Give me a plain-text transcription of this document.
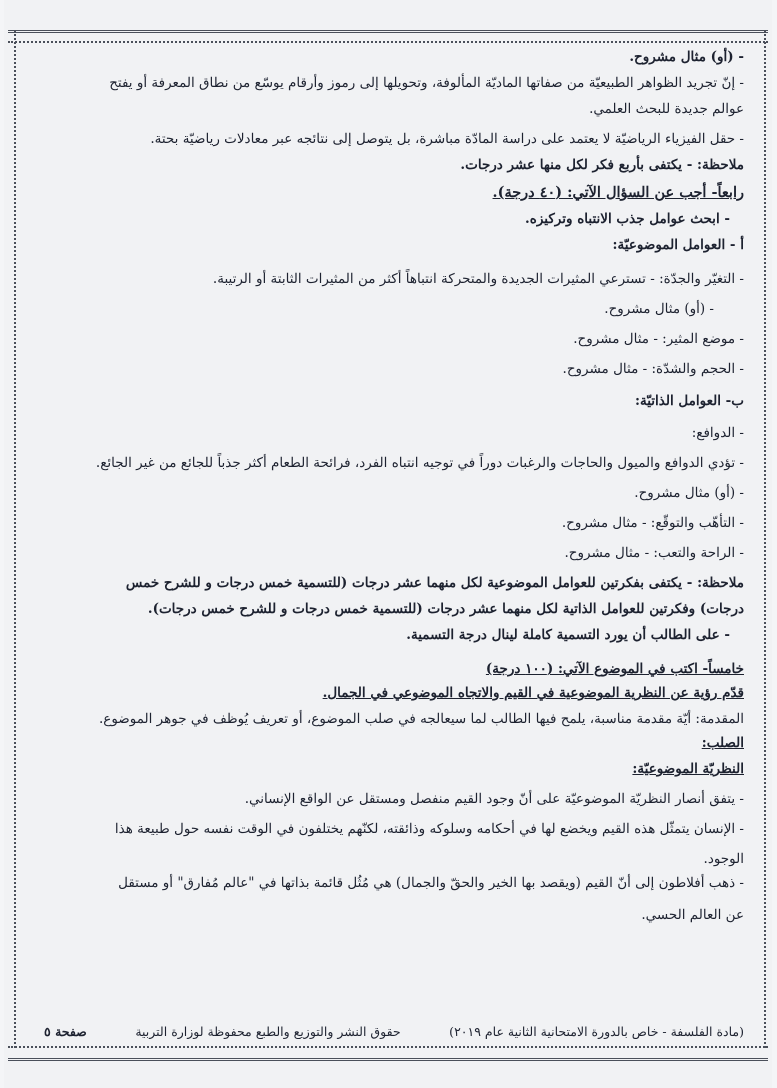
- (أو) مثال مشروح.
- إنّ تجريد الظواهر الطبيعيّة من صفاتها الماديّة المألوفة، وتحويلها إلى رموز وأرقام يوسّع من نطاق المعرفة أو يفتح
عوالم جديدة للبحث العلمي.
- حقل الفيزياء الرياضيّة لا يعتمد على دراسة المادّة مباشرة، بل يتوصل إلى نتائجه عبر معادلات رياضيّة بحتة.
ملاحظة: - يكتفى بأربع فكر لكل منها عشر درجات.
رابعاً- أجب عن السؤال الآتي: (٤٠ درجة).
- ابحث عوامل جذب الانتباه وتركيزه.
أ - العوامل الموضوعيّة:
- التغيّر والجدّة: - تسترعي المثيرات الجديدة والمتحركة انتباهاً أكثر من المثيرات الثابتة أو الرتيبة.
- (أو) مثال مشروح.
- موضع المثير: - مثال مشروح.
- الحجم والشدّة: - مثال مشروح.
ب- العوامل الذاتيّة:
- الدوافع:
- تؤدي الدوافع والميول والحاجات والرغبات دوراً في توجيه انتباه الفرد، فرائحة الطعام أكثر جذباً للجائع من غير الجائع.
- (أو) مثال مشروح.
- التأهّب والتوقّع: - مثال مشروح.
- الراحة والتعب: - مثال مشروح.
ملاحظة: - يكتفى بفكرتين للعوامل الموضوعية لكل منهما عشر درجات (للتسمية خمس درجات و للشرح خمس
درجات) وفكرتين للعوامل الذاتية لكل منهما عشر درجات (للتسمية خمس درجات و للشرح خمس درجات).
- على الطالب أن يورد التسمية كاملة لينال درجة التسمية.
خامساً- اكتب في الموضوع الآتي: (١٠٠ درجة)
قدّم رؤية عن النظرية الموضوعية في القيم والاتجاه الموضوعي في الجمال.
المقدمة: أيّة مقدمة مناسبة، يلمح فيها الطالب لما سيعالجه في صلب الموضوع، أو تعريف يُوظف في جوهر الموضوع.
الصلب:
النظريّة الموضوعيّة:
- يتفق أنصار النظريّة الموضوعيّة على أنّ وجود القيم منفصل ومستقل عن الواقع الإنساني.
- الإنسان يتمثّل هذه القيم ويخضع لها في أحكامه وسلوكه وذائقته، لكنّهم يختلفون في الوقت نفسه حول طبيعة هذا
الوجود.
- ذهب أفلاطون إلى أنّ القيم (ويقصد بها الخير والحقّ والجمال) هي مُثُل قائمة بذاتها في "عالم مُفارق" أو مستقل
عن العالم الحسي.
(مادة الفلسفة - خاص بالدورة الامتحانية الثانية عام ٢٠١٩)
حقوق النشر والتوزيع والطبع محفوظة لوزارة التربية
صفحة ٥
